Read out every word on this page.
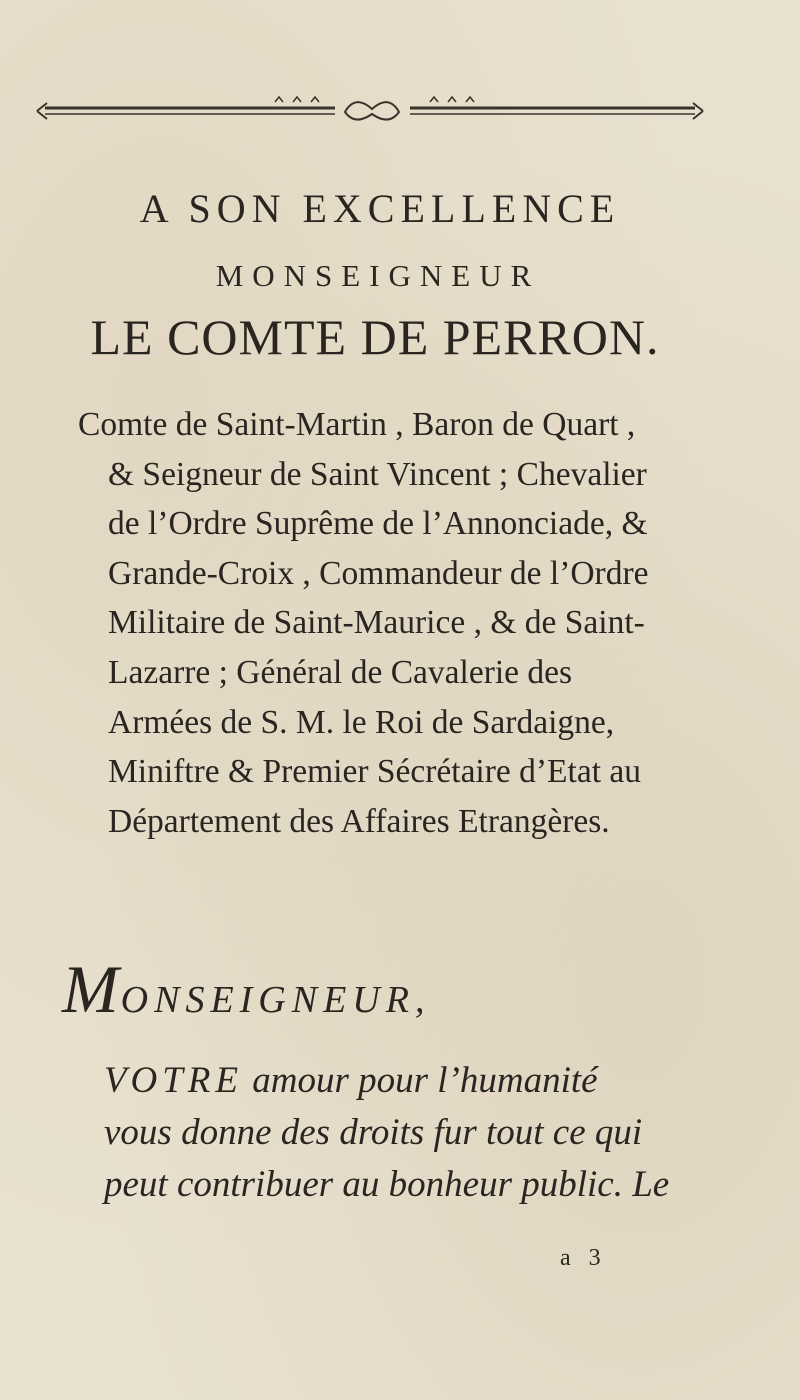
A SON EXCELLENCE
MONSEIGNEUR
LE COMTE DE PERRON.
Comte de Saint-Martin , Baron de Quart ,
& Seigneur de Saint Vincent ; Chevalier
de l’Ordre Suprême de l’Annonciade, &
Grande-Croix , Commandeur de l’Ordre
Militaire de Saint-Maurice , & de Saint-
Lazarre ; Général de Cavalerie des
Armées de S. M. le Roi de Sardaigne,
Miniftre & Premier Sécrétaire d’Etat au
Département des Affaires Etrangères.
MONSEIGNEUR,
VOTRE amour pour l’humanité
vous donne des droits fur tout ce qui
peut contribuer au bonheur public. Le
a 3
